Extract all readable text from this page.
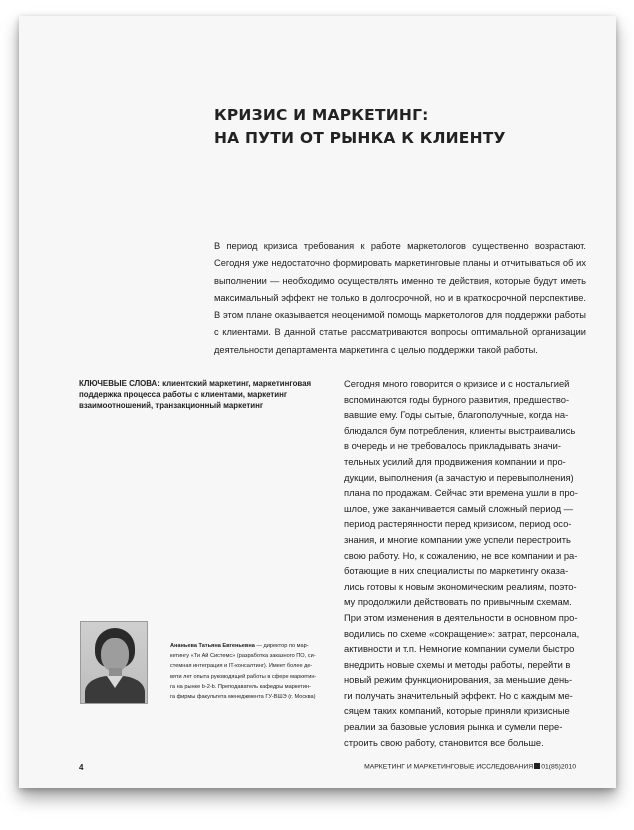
КРИЗИС И МАРКЕТИНГ:
НА ПУТИ ОТ РЫНКА К КЛИЕНТУ

В период кризиса требования к работе маркетологов существенно возрастают. Сегодня уже недостаточно формировать маркетинговые планы и отчитываться об их выполнении — необходимо осуществлять именно те действия, которые будут иметь максимальный эффект не только в долгосрочной, но и в краткосрочной перспективе. В этом плане оказывается неоценимой помощь маркетологов для поддержки работы с клиентами. В данной статье рассматриваются вопросы оптимальной организации деятельности департамента маркетинга с целью поддержки такой работы.

КЛЮЧЕВЫЕ СЛОВА: клиентский маркетинг, маркетинговая поддержка процесса работы с клиентами, маркетинг взаимоотношений, транзакционный маркетинг

Сегодня много говорится о кризисе и с ностальгией
вспоминаются годы бурного развития, предшество-
вавшие ему. Годы сытые, благополучные, когда на-
блюдался бум потребления, клиенты выстраивались
в очередь и не требовалось прикладывать значи-
тельных усилий для продвижения компании и про-
дукции, выполнения (а зачастую и перевыполнения)
плана по продажам. Сейчас эти времена ушли в про-
шлое, уже заканчивается самый сложный период —
период растерянности перед кризисом, период осо-
знания, и многие компании уже успели перестроить
свою работу. Но, к сожалению, не все компании и ра-
ботающие в них специалисты по маркетингу оказа-
лись готовы к новым экономическим реалиям, поэто-
му продолжили действовать по привычным схемам.
При этом изменения в деятельности в основном про-
водились по схеме «сокращение»: затрат, персонала,
активности и т.п. Немногие компании сумели быстро
внедрить новые схемы и методы работы, перейти в
новый режим функционирования, за меньшие день-
ги получать значительный эффект. Но с каждым ме-
сяцем таких компаний, которые приняли кризисные
реалии за базовые условия рынка и сумели пере-
строить свою работу, становится все больше.
Ананьева Татьяна Евгеньевна — директор по мар-
кетингу «Ти Ай Системс» (разработка заказного ПО, си-
стемная интеграция и IT-консалтинг). Имеет более де-
вяти лет опыта руководящей работы в сфере маркетин-
га на рынке b-2-b. Преподаватель кафедры маркетин-
га фирмы факультета менеджмента ГУ-ВШЭ (г. Москва)
4	МАРКЕТИНГ И МАРКЕТИНГОВЫЕ ИССЛЕДОВАНИЯ 01(85)2010
